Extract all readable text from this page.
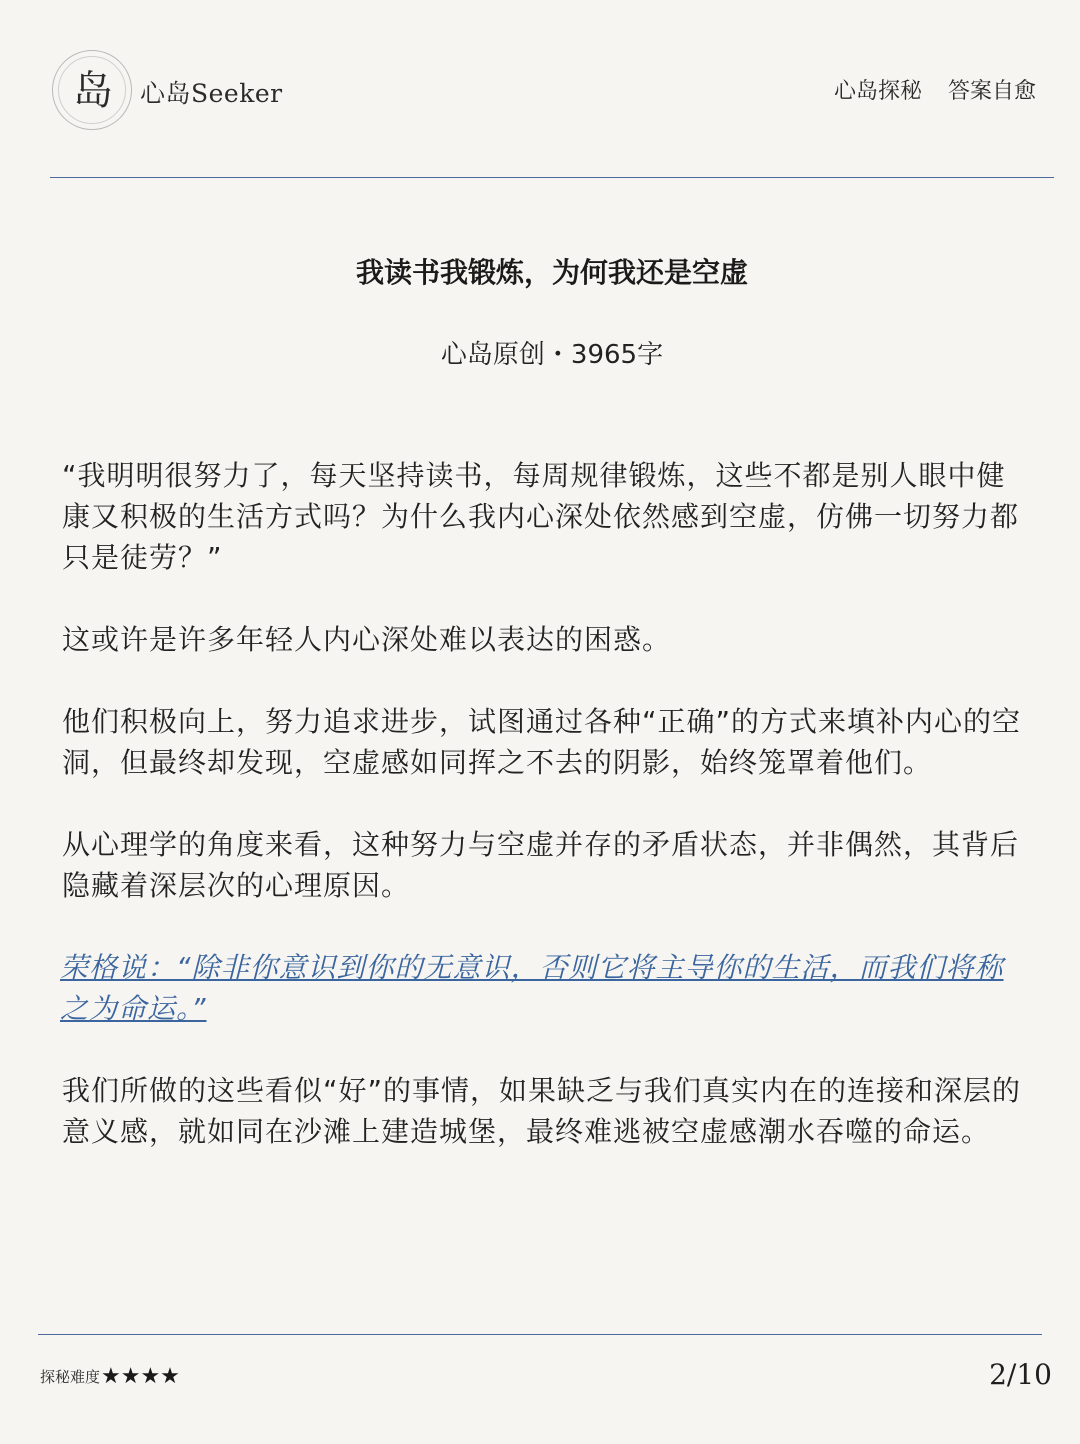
岛	心岛Seeker	心岛探秘 答案自愈
我读书我锻炼，为何我还是空虚
心岛原创・3965字

“我明明很努力了，每天坚持读书，每周规律锻炼，这些不都是别人眼中健康又积极的生活方式吗？为什么我内心深处依然感到空虚，仿佛一切努力都只是徒劳？”

这或许是许多年轻人内心深处难以表达的困惑。

他们积极向上，努力追求进步，试图通过各种“正确”的方式来填补内心的空洞，但最终却发现，空虚感如同挥之不去的阴影，始终笼罩着他们。

从心理学的角度来看，这种努力与空虚并存的矛盾状态，并非偶然，其背后隐藏着深层次的心理原因。

荣格说：“除非你意识到你的无意识，否则它将主导你的生活，而我们将称之为命运。”

我们所做的这些看似“好”的事情，如果缺乏与我们真实内在的连接和深层的意义感，就如同在沙滩上建造城堡，最终难逃被空虚感潮水吞噬的命运。

探秘难度 ★★★★	2/10
